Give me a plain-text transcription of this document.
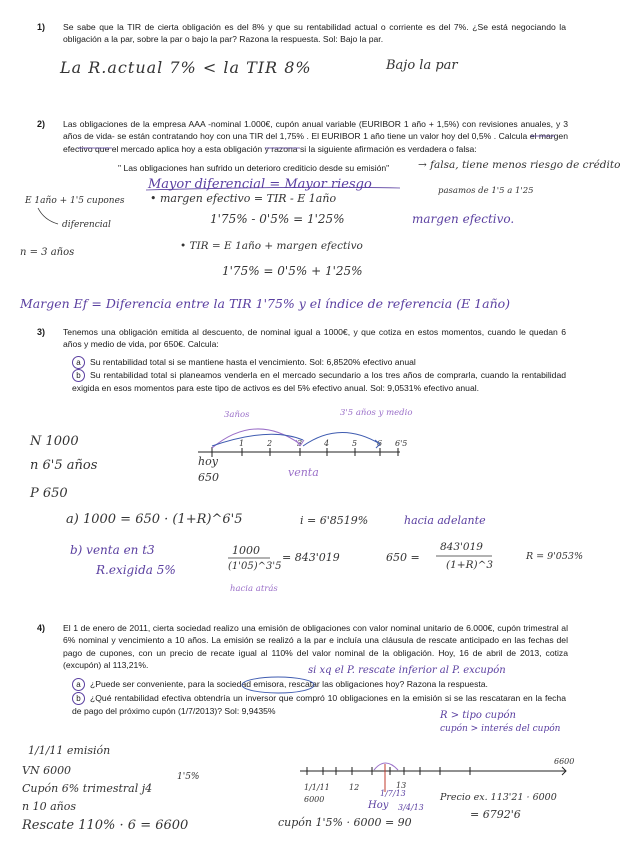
1) Se sabe que la TIR de cierta obligación es del 8% y que su rentabilidad actual o corriente es del 7%. ¿Se está negociando la obligación a la par, sobre la par o bajo la par? Razona la respuesta. Sol: Bajo la par.
La R.actual 7% < la TIR 8%	Bajo la par
2) Las obligaciones de la empresa AAA -nominal 1.000€, cupón anual variable (EURIBOR 1 año + 1,5%) con revisiones anuales, y 3 años de vida- se están contratando hoy con una TIR del 1,75% . El EURIBOR 1 año tiene un valor hoy del 0,5% . Calcula el margen efectivo que el mercado aplica hoy a esta obligación y razona si la siguiente afirmación es verdadera o falsa:
" Las obligaciones han sufrido un deterioro crediticio desde su emisión"	→ falsa, tiene menos riesgo de crédito
Mayor diferencial = Mayor riesgo
• margen efectivo = TIR - E 1año
pasamos de 1'5 a 1'25
1'75% - 0'5% = 1'25%	margen efectivo.
E 1año + 1'5 cupones
diferencial
n = 3 años
• TIR = E 1año + margen efectivo
1'75% = 0'5% + 1'25%
Margen Ef = Diferencia entre la TIR 1'75% y el índice de referencia (E 1año)
3) Tenemos una obligación emitida al descuento, de nominal igual a 1000€, y que cotiza en estos momentos, cuando le quedan 6 años y medio de vida, por 650€. Calcula:
a Su rentabilidad total si se mantiene hasta el vencimiento. Sol: 6,8520% efectivo anual
b Su rentabilidad total si planeamos venderla en el mercado secundario a los tres años de comprarla, cuando la rentabilidad exigida en esos momentos para este tipo de activos es del 5% efectivo anual. Sol: 9,0531% efectivo anual.
3años	3'5 años y medio
N 1000
n 6'5 años
P 650
1	2	3	4	5 6 6'5
hoy
650	venta
a) 1000 = 650 · (1+R)^6'5	i = 6'8519%	hacia adelante
b) venta en t3
R.exigida 5%
1000
(1'05)^3'5
= 843'019	650 =
843'019
(1+R)^3
R = 9'053%
hacia atrás
4) El 1 de enero de 2011, cierta sociedad realizo una emisión de obligaciones con valor nominal unitario de 6.000€, cupón trimestral al 6% nominal y vencimiento a 10 años. La emisión se realizó a la par e incluía una cláusula de rescate anticipado en las fechas del pago de cupones, con un precio de recate igual al 110% del valor nominal de la obligación. Hoy, 16 de abril de 2013, cotiza (excupón) al 113,21%.
si xq el P. rescate inferior al P. excupón
a ¿Puede ser conveniente, para la sociedad emisora, rescatar las obligaciones hoy? Razona la respuesta.
b ¿Qué rentabilidad efectiva obtendría un inversor que compró 10 obligaciones en la emisión si se las rescataran en la fecha de pago del próximo cupón (1/7/2013)? Sol: 9,9435%	R > tipo cupón
cupón > interés del cupón
1/1/11 emisión
VN 6000
Cupón 6% trimestral j4
1'5%
n 10 años
Rescate 110% · 6 = 6600
1/1/11
6000
12	13
1/7/13
Hoy 3/4/13
6600
cupón 1'5% · 6000 = 90
Precio ex. 113'21 · 6000
= 6792'6
